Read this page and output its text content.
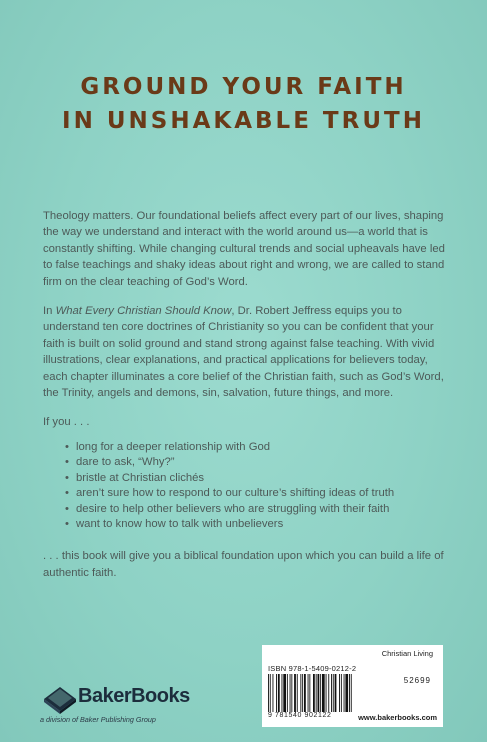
GROUND YOUR FAITH
IN UNSHAKABLE TRUTH

Theology matters. Our foundational beliefs affect every part of our lives, shaping the way we understand and interact with the world around us—a world that is constantly shifting. While changing cultural trends and social upheavals have led to false teachings and shaky ideas about right and wrong, we are called to stand firm on the clear teaching of God’s Word.

In What Every Christian Should Know, Dr. Robert Jeffress equips you to understand ten core doctrines of Christianity so you can be confident that your faith is built on solid ground and stand strong against false teaching. With vivid illustrations, clear explanations, and practical applications for believers today, each chapter illuminates a core belief of the Christian faith, such as God’s Word, the Trinity, angels and demons, sin, salvation, future things, and more.

If you . . .

• long for a deeper relationship with God
• dare to ask, “Why?”
• bristle at Christian clichés
• aren’t sure how to respond to our culture’s shifting ideas of truth
• desire to help other believers who are struggling with their faith
• want to know how to talk with unbelievers

. . . this book will give you a biblical foundation upon which you can build a life of authentic faith.

BakerBooks
a division of Baker Publishing Group
Christian Living
ISBN 978-1-5409-0212-2
52699
9 781540 902122	www.bakerbooks.com
